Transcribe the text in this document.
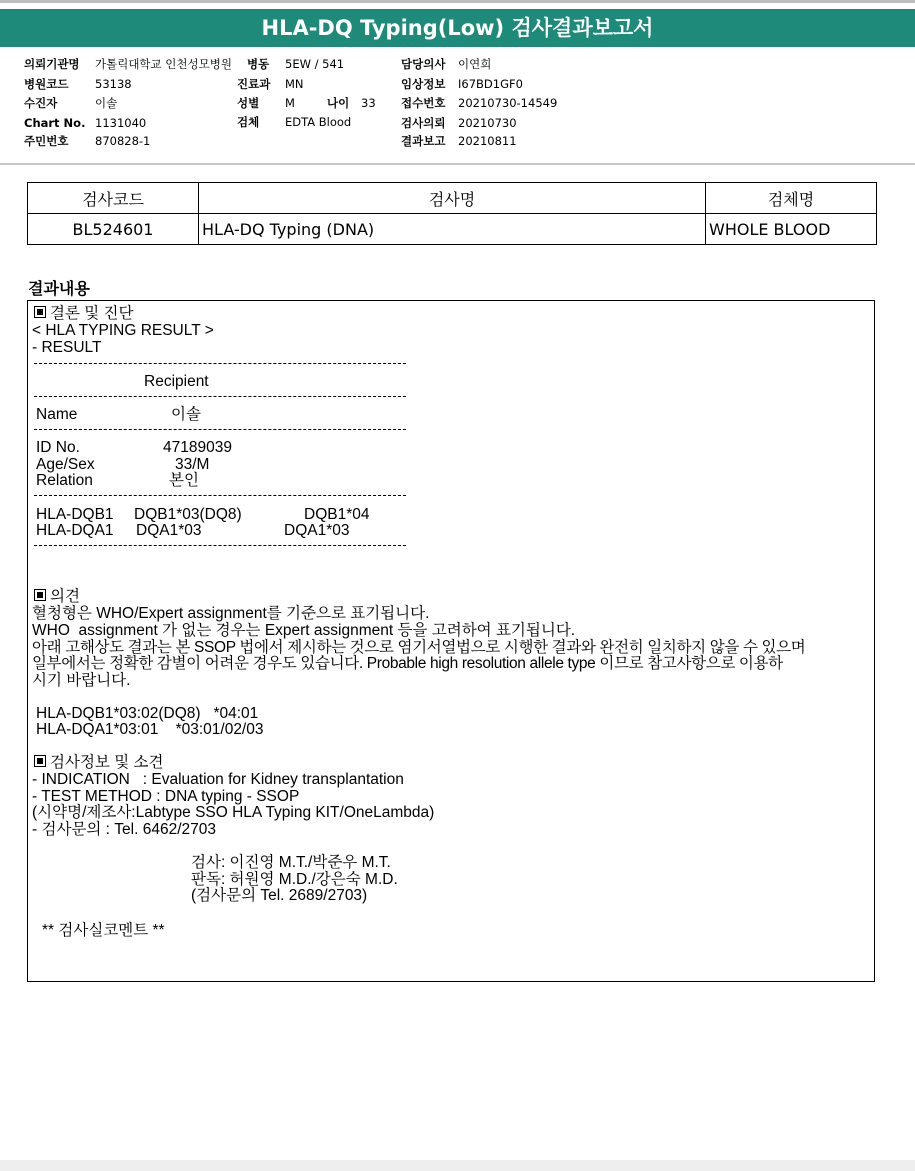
HLA-DQ Typing(Low) 검사결과보고서
의뢰기관명 가톨릭대학교 인천성모병원
병원코드 53138
수진자	이솔
Chart No. 1131040
주민번호 870828-1
병동 5EW / 541
진료과 MN
성별 M	나이 33
검체 EDTA Blood
담당의사 이연희
임상정보 I67BD1GF0
접수번호 20210730-14549
검사의뢰 20210730
결과보고 20210811
검사코드	검사명	검체명
BL524601	HLA-DQ Typing (DNA)	WHOLE BLOOD
결과내용
결론 및 진단
< HLA TYPING RESULT >
- RESULT
Recipient
Name	이솔
ID No.	47189039
Age/Sex	33/M
Relation	본인
HLA-DQB1 DQB1*03(DQ8)	DQB1*04
HLA-DQA1 DQA1*03	DQA1*03
의견
혈청형은 WHO/Expert assignment를 기준으로 표기됩니다.
WHO  assignment 가 없는 경우는 Expert assignment 등을 고려하여 표기됩니다.
아래 고해상도 결과는 본 SSOP 법에서 제시하는 것으로 염기서열법으로 시행한 결과와 완전히 일치하지 않을 수 있으며
일부에서는 정확한 감별이 어려운 경우도 있습니다. Probable high resolution allele type 이므로 참고사항으로 이용하
시기 바랍니다.
HLA-DQB1*03:02(DQ8)   *04:01
HLA-DQA1*03:01    *03:01/02/03
검사정보 및 소견
- INDICATION   : Evaluation for Kidney transplantation
- TEST METHOD : DNA typing - SSOP
(시약명/제조사:Labtype SSO HLA Typing KIT/OneLambda)
- 검사문의 : Tel. 6462/2703
검사: 이진영 M.T./박준우 M.T.
판독: 허원영 M.D./강은숙 M.D.
(검사문의 Tel. 2689/2703)
** 검사실코멘트 **
